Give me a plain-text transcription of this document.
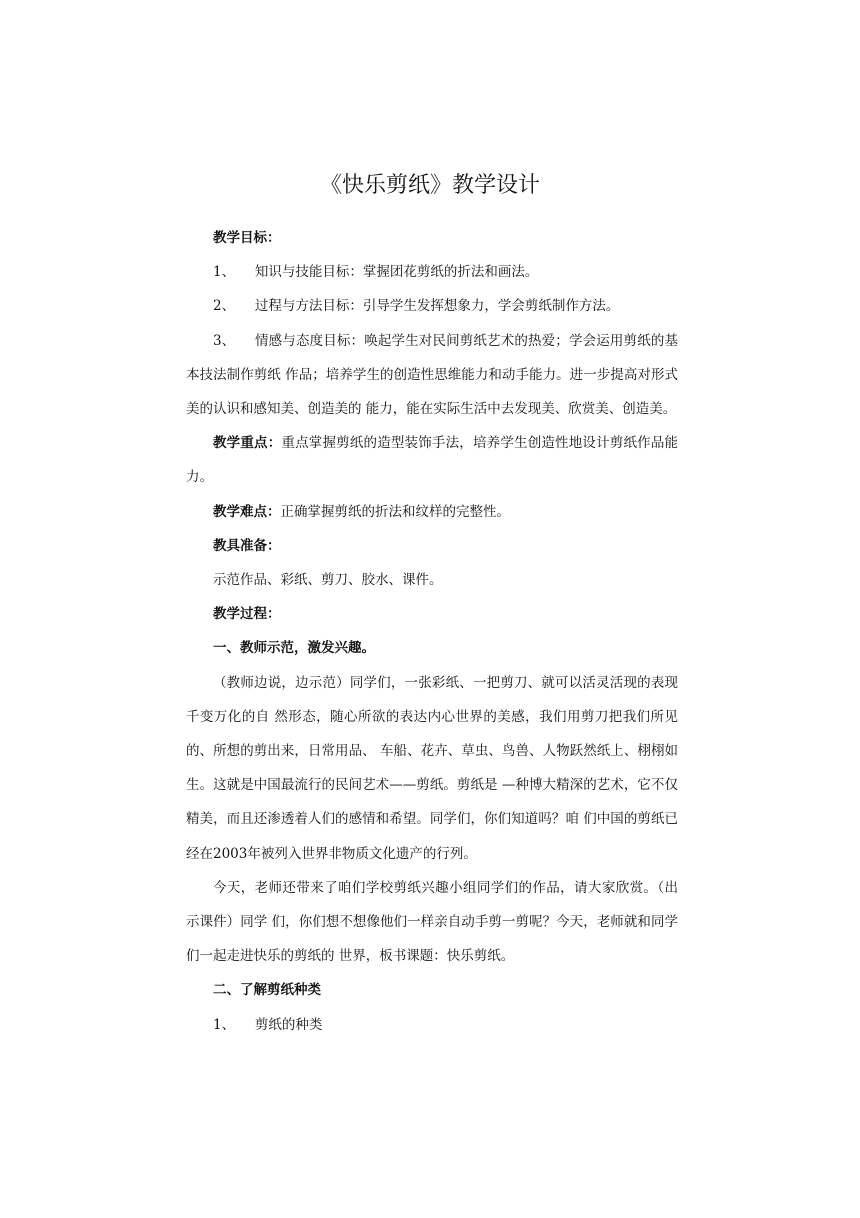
《快乐剪纸》教学设计

教学目标：

1、 知识与技能目标：掌握团花剪纸的折法和画法。

2、 过程与方法目标：引导学生发挥想象力，学会剪纸制作方法。

3、 情感与态度目标：唤起学生对民间剪纸艺术的热爱；学会运用剪纸的基本技法制作剪纸 作品；培养学生的创造性思维能力和动手能力。进一步提高对形式美的认识和感知美、创造美的 能力，能在实际生活中去发现美、欣赏美、创造美。

教学重点：重点掌握剪纸的造型装饰手法，培养学生创造性地设计剪纸作品能力。

教学难点：正确掌握剪纸的折法和纹样的完整性。

教具准备：

示范作品、彩纸、剪刀、胶水、课件。

教学过程：

一、教师示范，激发兴趣。

（教师边说，边示范）同学们，一张彩纸、一把剪刀、就可以活灵活现的表现千变万化的自 然形态，随心所欲的表达内心世界的美感，我们用剪刀把我们所见的、所想的剪出来，日常用品、 车船、花卉、草虫、鸟兽、人物跃然纸上、栩栩如生。这就是中国最流行的民间艺术——剪纸。剪纸是 —种博大精深的艺术，它不仅精美，而且还渗透着人们的感情和希望。同学们，你们知道吗？咱 们中国的剪纸已经在2003年被列入世界非物质文化遗产的行列。

今天，老师还带来了咱们学校剪纸兴趣小组同学们的作品，请大家欣赏。（出示课件）同学 们，你们想不想像他们一样亲自动手剪一剪呢？今天，老师就和同学们一起走进快乐的剪纸的 世界，板书课题：快乐剪纸。

二、了解剪纸种类

1、 剪纸的种类
